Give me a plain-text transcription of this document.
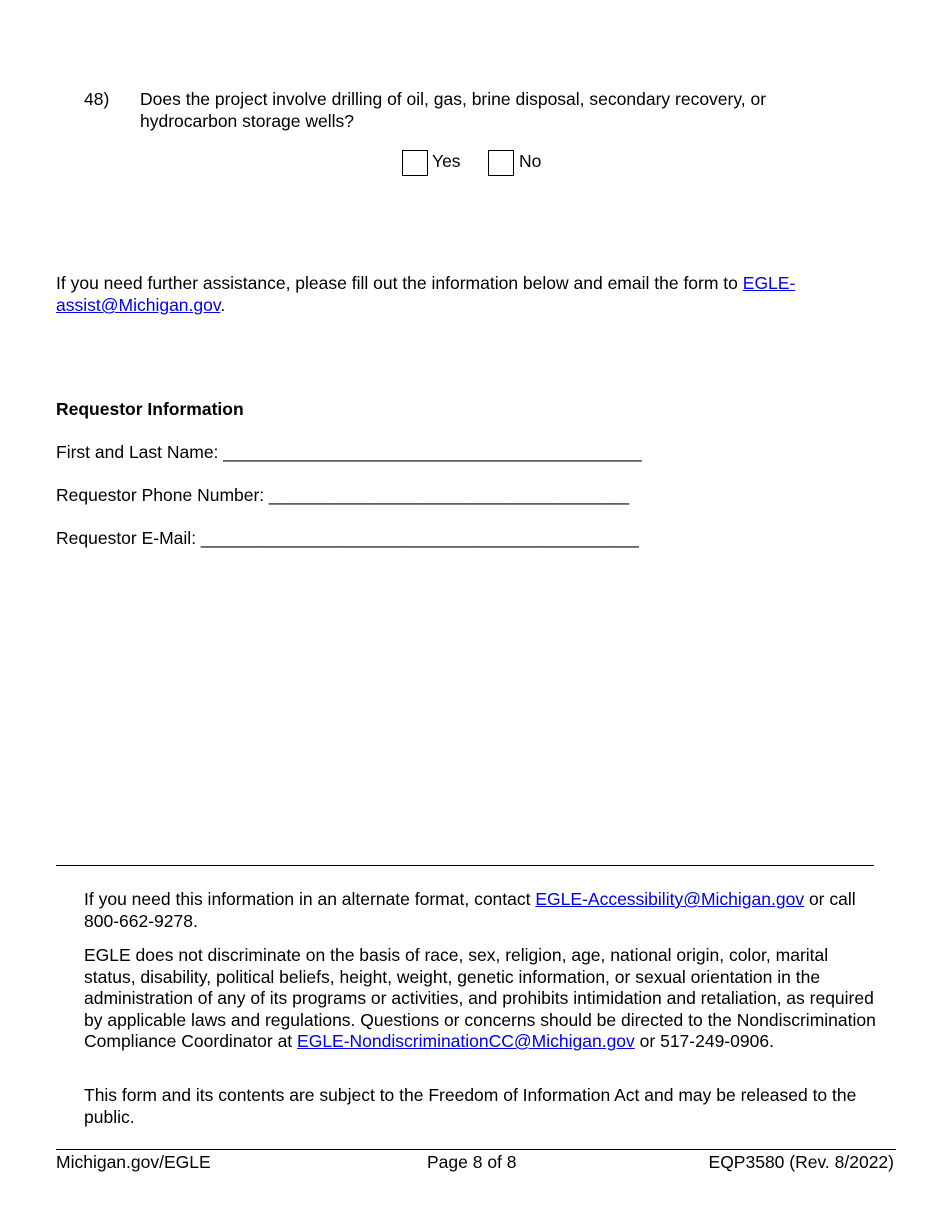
48) Does the project involve drilling of oil, gas, brine disposal, secondary recovery, or hydrocarbon storage wells?
Yes	No
If you need further assistance, please fill out the information below and email the form to EGLE-assist@Michigan.gov.
Requestor Information
First and Last Name: ___________________________________________
Requestor Phone Number: _____________________________________
Requestor E-Mail: _____________________________________________
If you need this information in an alternate format, contact EGLE-Accessibility@Michigan.gov or call 800-662-9278.
EGLE does not discriminate on the basis of race, sex, religion, age, national origin, color, marital status, disability, political beliefs, height, weight, genetic information, or sexual orientation in the administration of any of its programs or activities, and prohibits intimidation and retaliation, as required by applicable laws and regulations. Questions or concerns should be directed to the Nondiscrimination Compliance Coordinator at EGLE-NondiscriminationCC@Michigan.gov or 517-249-0906.
This form and its contents are subject to the Freedom of Information Act and may be released to the public.
Michigan.gov/EGLE	Page 8 of 8	EQP3580 (Rev. 8/2022)
